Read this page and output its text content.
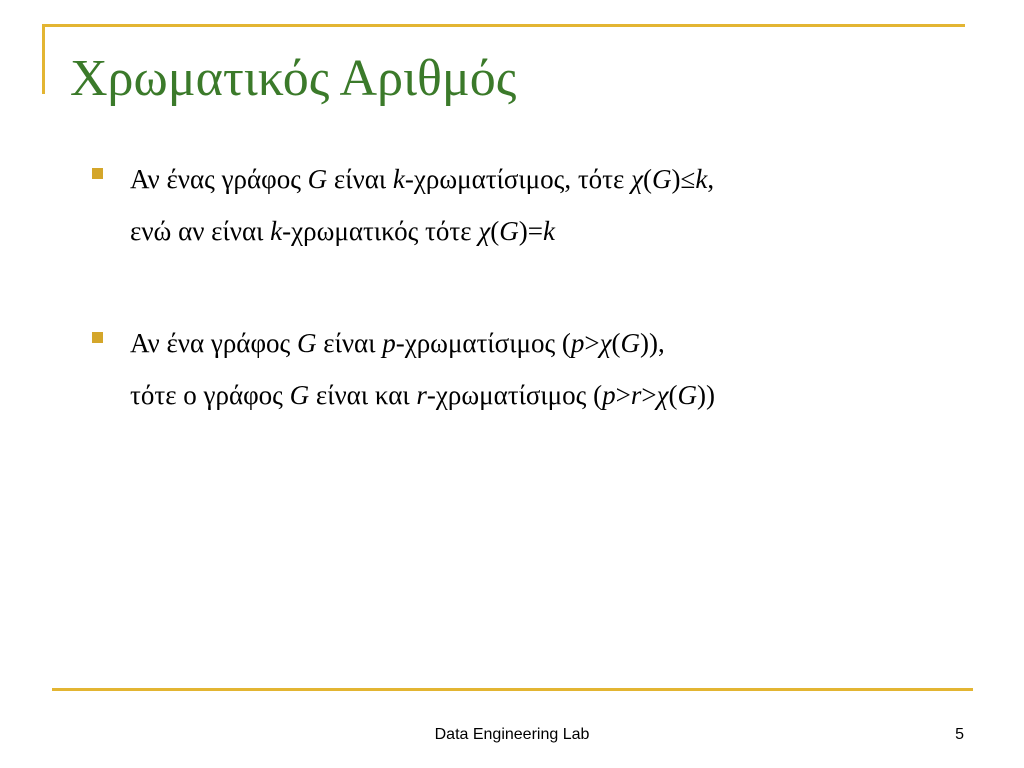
Χρωματικός Αριθμός
Αν ένας γράφος G είναι k-χρωματίσιμος, τότε χ(G)≤k,
ενώ αν είναι k-χρωματικός τότε χ(G)=k
Αν ένα γράφος G είναι p-χρωματίσιμος (p>χ(G)),
τότε ο γράφος G είναι και r-χρωματίσιμος (p>r>χ(G))
Data Engineering Lab	5
